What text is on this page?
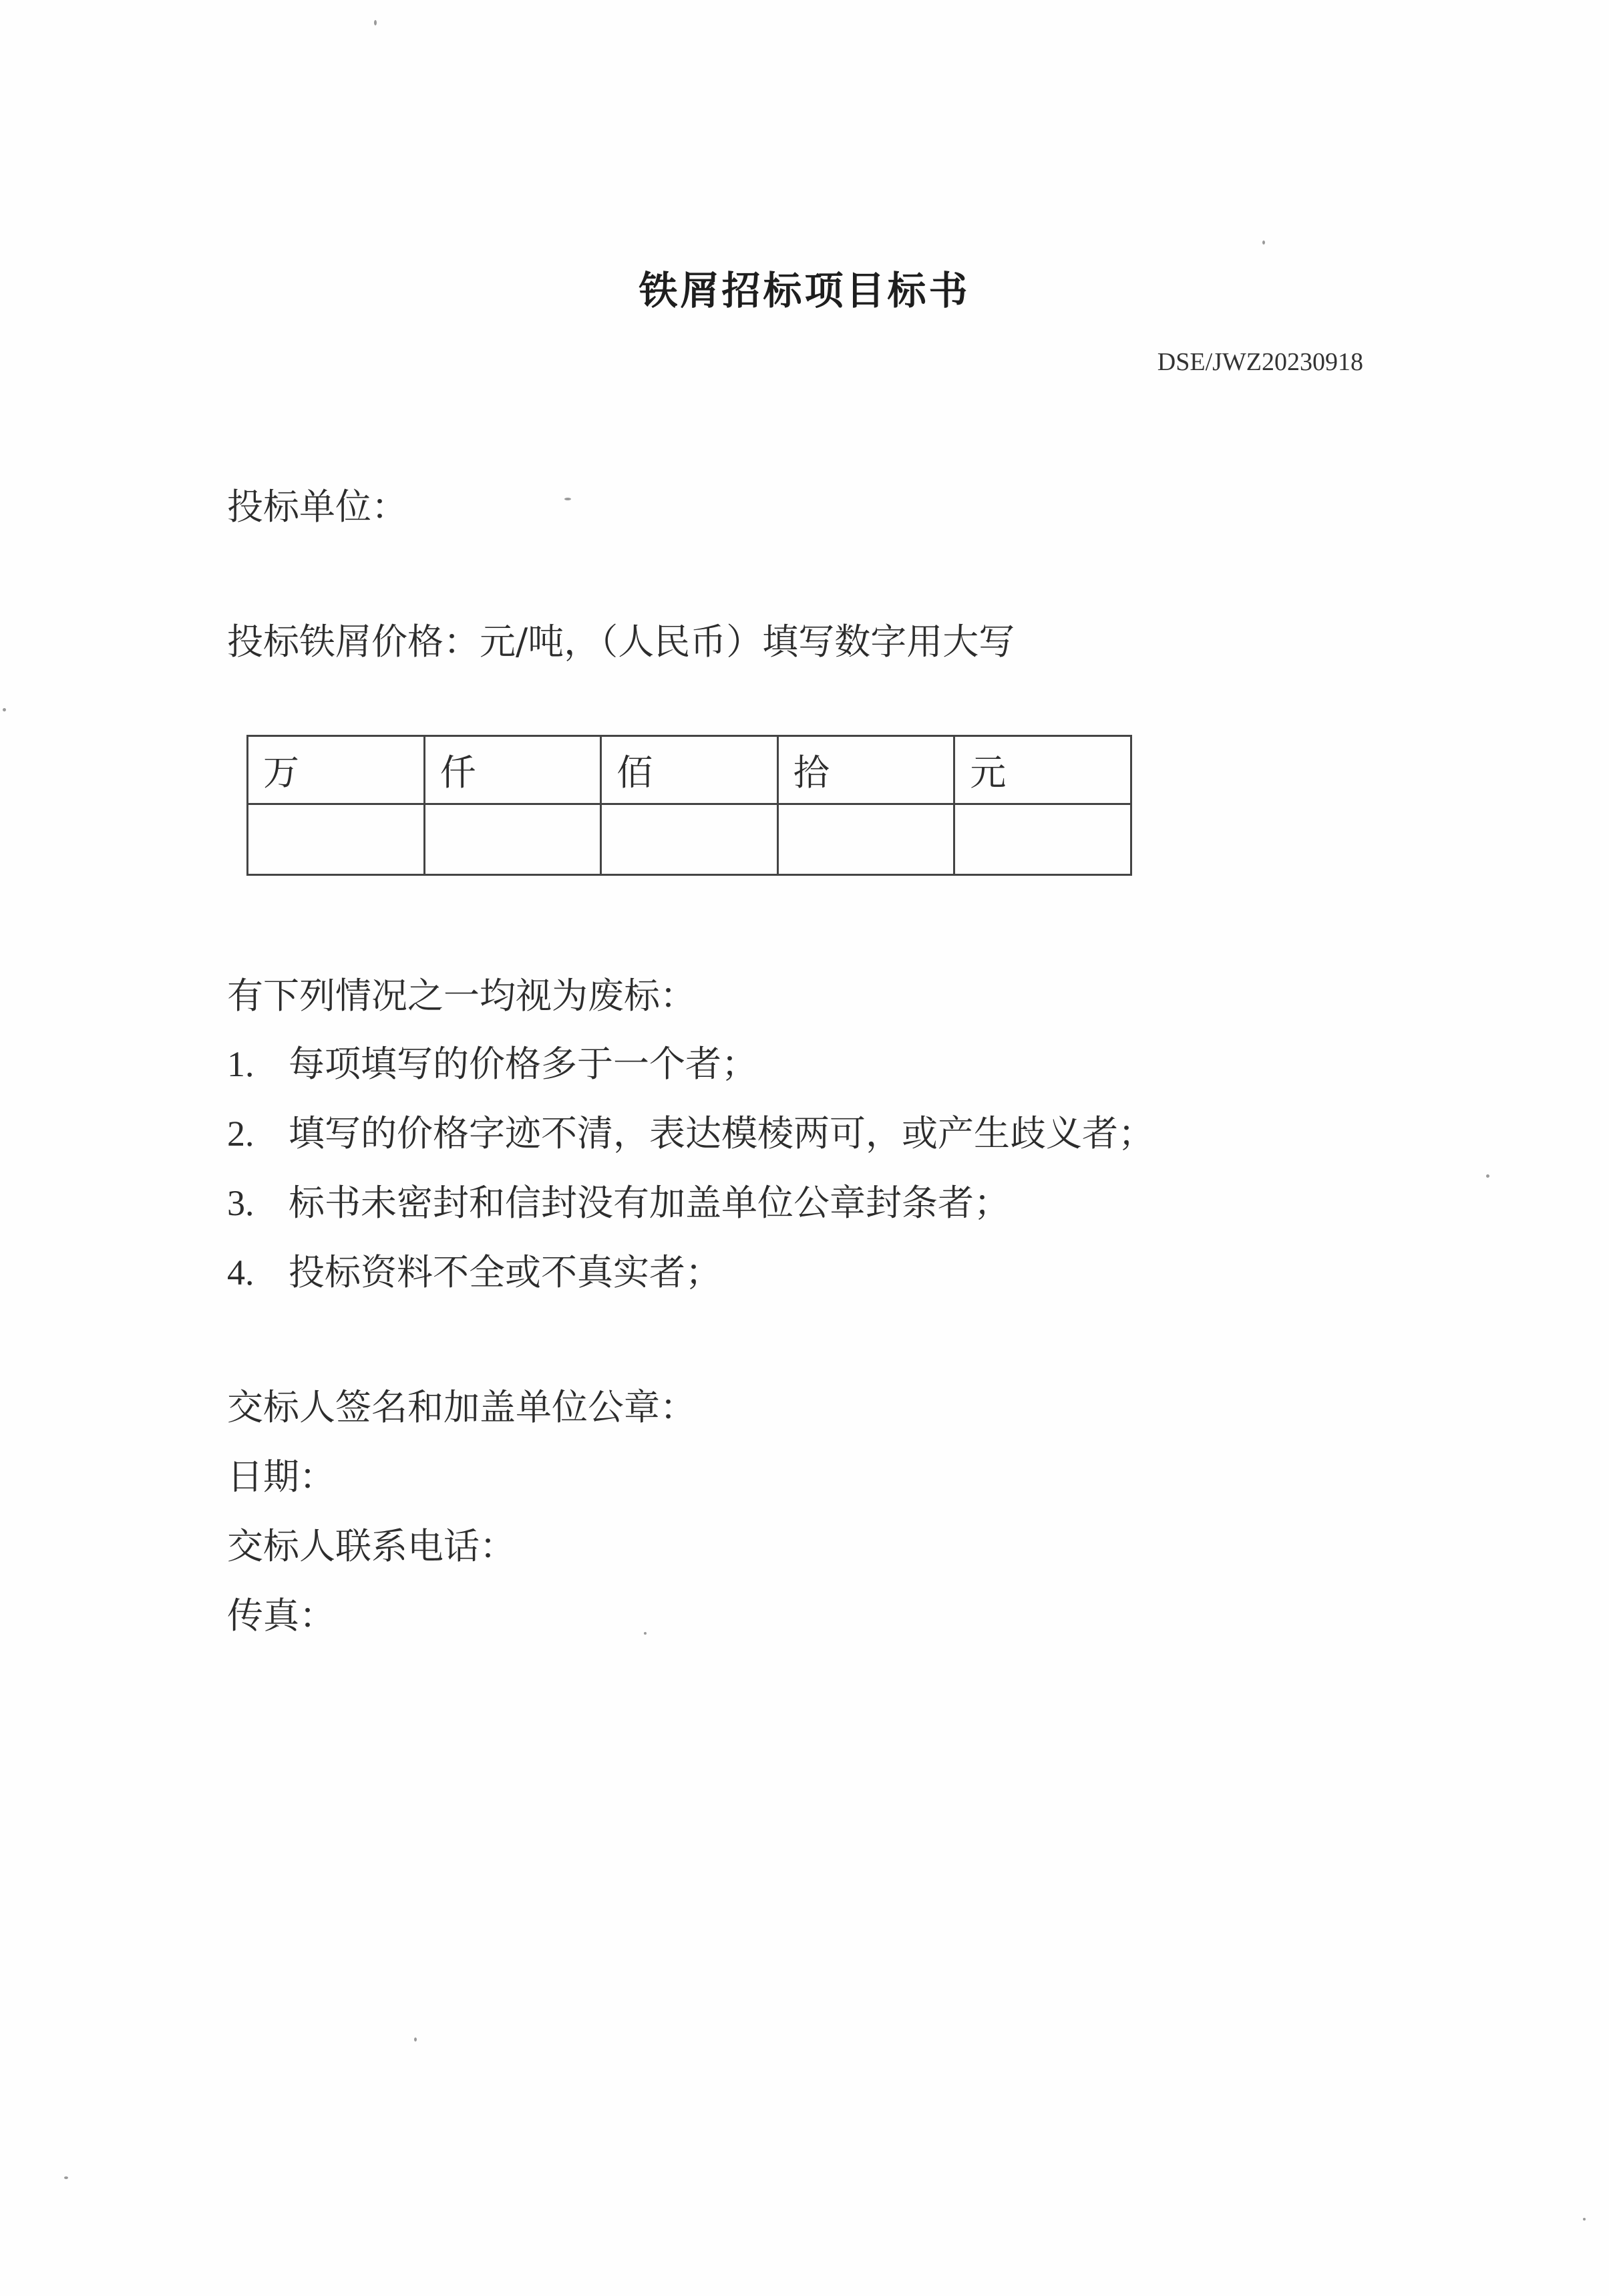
铁屑招标项目标书
DSE/JWZ20230918
投标单位：
投标铁屑价格：元/吨，（人民币）填写数字用大写
万	仟	佰	拾	元

有下列情况之一均视为废标：
1. 每项填写的价格多于一个者；
2. 填写的价格字迹不清，表达模棱两可，或产生歧义者；
3. 标书未密封和信封没有加盖单位公章封条者；
4. 投标资料不全或不真实者；
交标人签名和加盖单位公章：
日期：
交标人联系电话：
传真：
